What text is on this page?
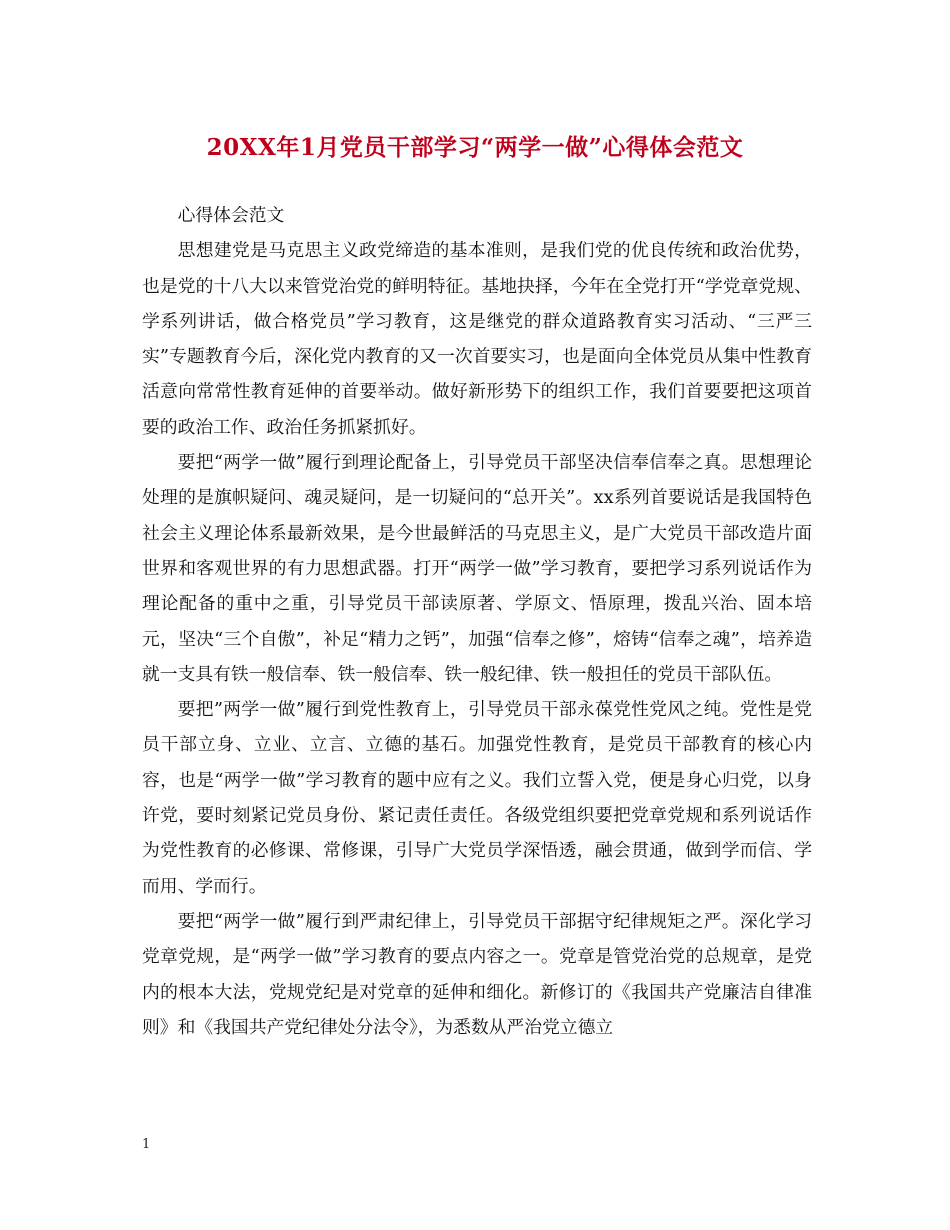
20XX年1月党员干部学习“两学一做”心得体会范文

心得体会范文

思想建党是马克思主义政党缔造的基本准则，是我们党的优良传统和政治优势，也是党的十八大以来管党治党的鲜明特征。基地抉择，今年在全党打开“学党章党规、学系列讲话，做合格党员”学习教育，这是继党的群众道路教育实习活动、“三严三实”专题教育今后，深化党内教育的又一次首要实习，也是面向全体党员从集中性教育活意向常常性教育延伸的首要举动。做好新形势下的组织工作，我们首要要把这项首要的政治工作、政治任务抓紧抓好。

要把“两学一做”履行到理论配备上，引导党员干部坚决信奉信奉之真。思想理论处理的是旗帜疑问、魂灵疑问，是一切疑问的“总开关”。xx系列首要说话是我国特色社会主义理论体系最新效果，是今世最鲜活的马克思主义，是广大党员干部改造片面世界和客观世界的有力思想武器。打开“两学一做”学习教育，要把学习系列说话作为理论配备的重中之重，引导党员干部读原著、学原文、悟原理，拨乱兴治、固本培元，坚决“三个自傲”，补足“精力之钙”，加强“信奉之修”，熔铸“信奉之魂”，培养造就一支具有铁一般信奉、铁一般信奉、铁一般纪律、铁一般担任的党员干部队伍。

要把”两学一做”履行到党性教育上，引导党员干部永葆党性党风之纯。党性是党员干部立身、立业、立言、立德的基石。加强党性教育，是党员干部教育的核心内容，也是“两学一做”学习教育的题中应有之义。我们立誓入党，便是身心归党，以身许党，要时刻紧记党员身份、紧记责任责任。各级党组织要把党章党规和系列说话作为党性教育的必修课、常修课，引导广大党员学深悟透，融会贯通，做到学而信、学而用、学而行。

要把“两学一做”履行到严肃纪律上，引导党员干部据守纪律规矩之严。深化学习党章党规，是“两学一做”学习教育的要点内容之一。党章是管党治党的总规章，是党内的根本大法，党规党纪是对党章的延伸和细化。新修订的《我国共产党廉洁自律准则》和《我国共产党纪律处分法令》，为悉数从严治党立德立

1
